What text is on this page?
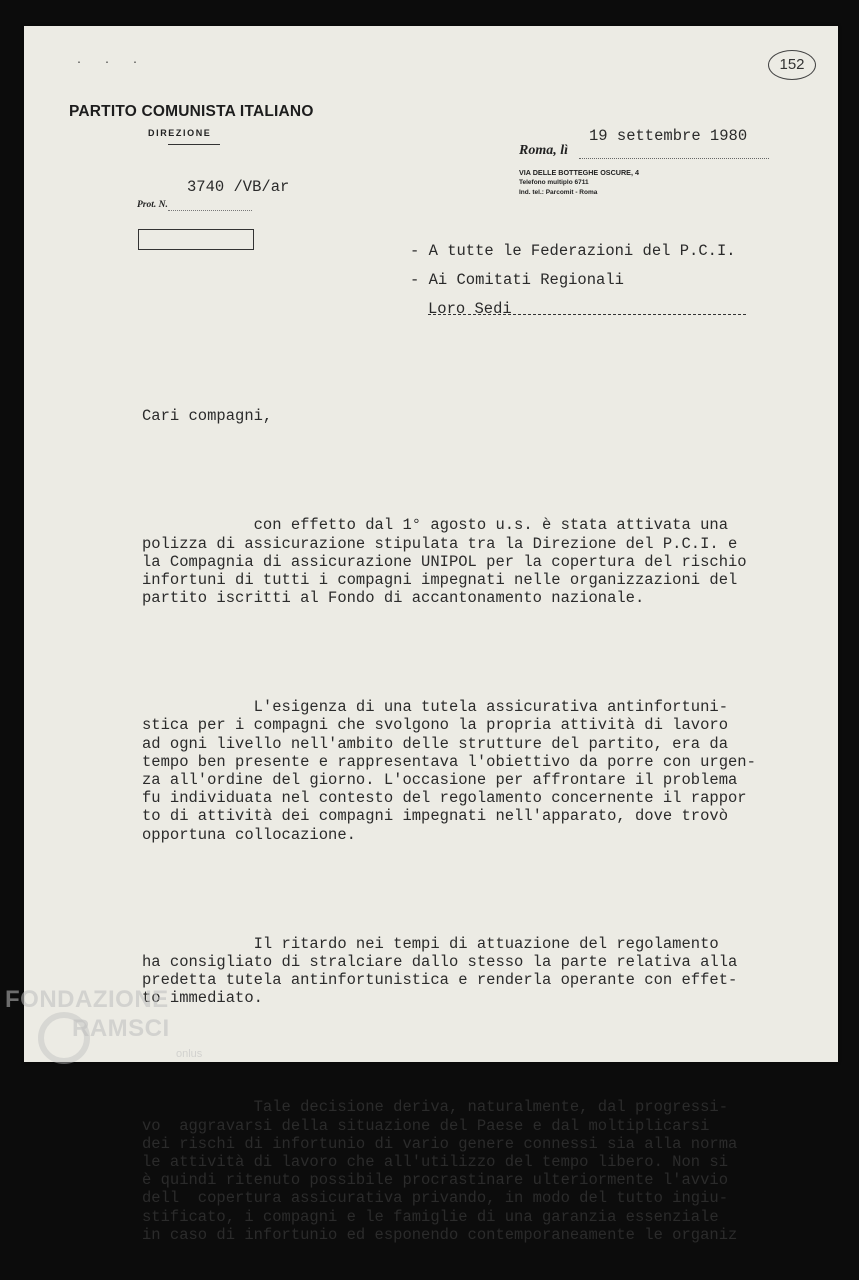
. . .	152
PARTITO COMUNISTA ITALIANO
DIREZIONE	19 settembre 1980
Roma, lì
VIA DELLE BOTTEGHE OSCURE, 4
Telefono multiplo 6711
Ind. tel.: Parcomit - Roma
3740 /VB/ar
Prot. N.
- A tutte le Federazioni del P.C.I.
- Ai Comitati Regionali
Loro Sedi

Cari compagni,

con effetto dal 1° agosto u.s. è stata attivata una
polizza di assicurazione stipulata tra la Direzione del P.C.I. e
la Compagnia di assicurazione UNIPOL per la copertura del rischio
infortuni di tutti i compagni impegnati nelle organizzazioni del
partito iscritti al Fondo di accantonamento nazionale.

L'esigenza di una tutela assicurativa antinfortuni-
stica per i compagni che svolgono la propria attività di lavoro
ad ogni livello nell'ambito delle strutture del partito, era da
tempo ben presente e rappresentava l'obiettivo da porre con urgen-
za all'ordine del giorno. L'occasione per affrontare il problema
fu individuata nel contesto del regolamento concernente il rappor
to di attività dei compagni impegnati nell'apparato, dove trovò
opportuna collocazione.

Il ritardo nei tempi di attuazione del regolamento
ha consigliato di stralciare dallo stesso la parte relativa alla
predetta tutela antinfortunistica e renderla operante con effet-
to immediato.

Tale decisione deriva, naturalmente, dal progressi-
vo  aggravarsi della situazione del Paese e dal moltiplicarsi
dei rischi di infortunio di vario genere connessi sia alla norma
le attività di lavoro che all'utilizzo del tempo libero. Non si
è quindi ritenuto possibile procrastinare ulteriormente l'avvio
dell  copertura assicurativa privando, in modo del tutto ingiu-
stificato, i compagni e le famiglie di una garanzia essenziale
in caso di infortunio ed esponendo contemporaneamente le organiz

FONDAZIONE
RAMSCI
onlus
